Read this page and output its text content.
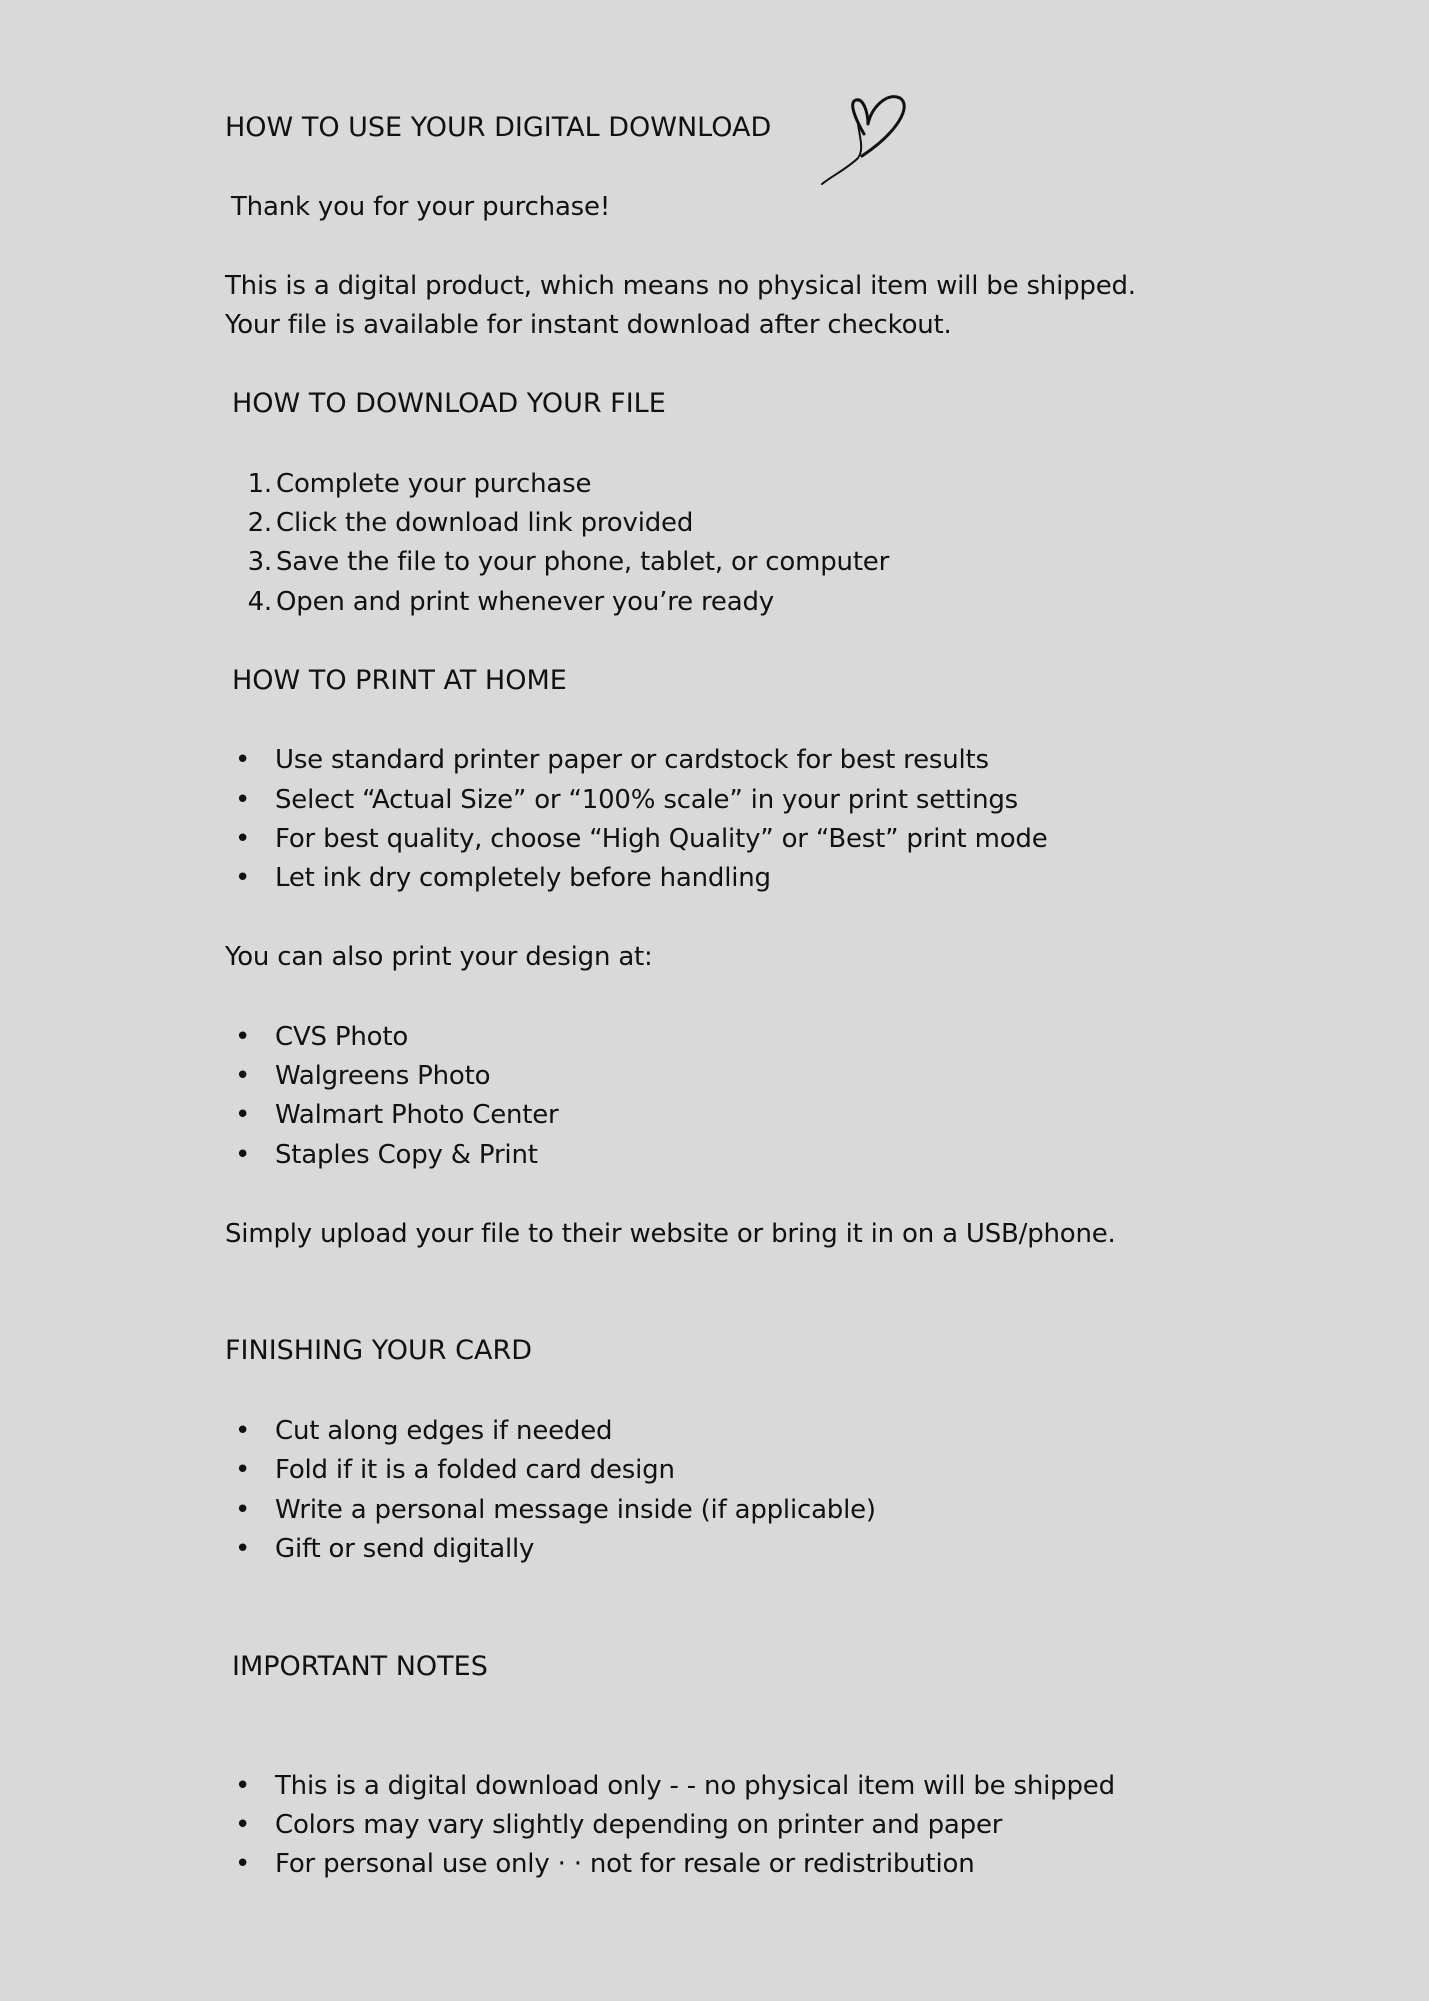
HOW TO USE YOUR DIGITAL DOWNLOAD
Thank you for your purchase!
This is a digital product, which means no physical item will be shipped.
Your file is available for instant download after checkout.
HOW TO DOWNLOAD YOUR FILE
1. Complete your purchase
2. Click the download link provided
3. Save the file to your phone, tablet, or computer
4. Open and print whenever you’re ready
HOW TO PRINT AT HOME
• Use standard printer paper or cardstock for best results
• Select “Actual Size” or “100% scale” in your print settings
• For best quality, choose “High Quality” or “Best” print mode
• Let ink dry completely before handling
You can also print your design at:
• CVS Photo
• Walgreens Photo
• Walmart Photo Center
• Staples Copy & Print
Simply upload your file to their website or bring it in on a USB/phone.
FINISHING YOUR CARD
• Cut along edges if needed
• Fold if it is a folded card design
• Write a personal message inside (if applicable)
• Gift or send digitally
IMPORTANT NOTES
• This is a digital download only - - no physical item will be shipped
• Colors may vary slightly depending on printer and paper
• For personal use only · · not for resale or redistribution
